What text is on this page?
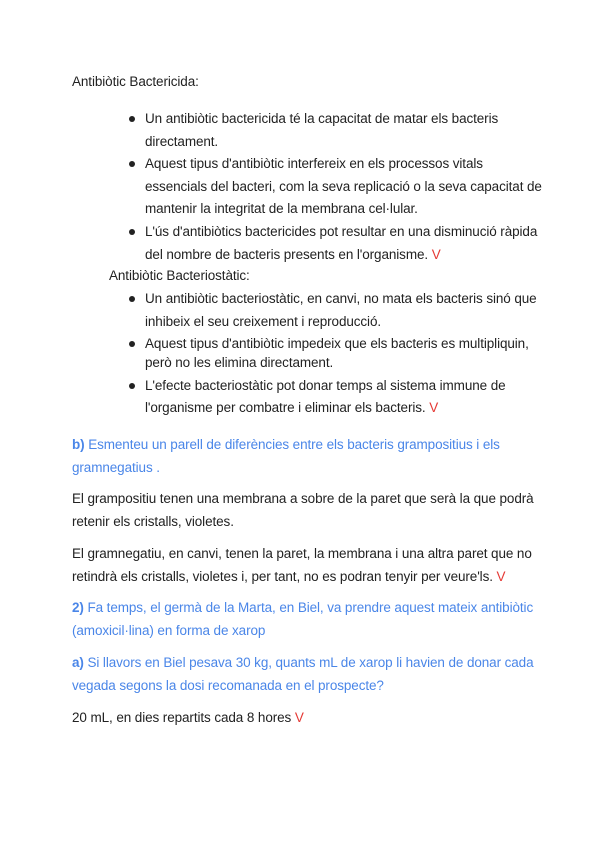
Antibiòtic Bactericida:
Un antibiòtic bactericida té la capacitat de matar els bacteris
directament.
Aquest tipus d'antibiòtic interfereix en els processos vitals
essencials del bacteri, com la seva replicació o la seva capacitat de
mantenir la integritat de la membrana cel·lular.
L'ús d'antibiòtics bactericides pot resultar en una disminució ràpida
del nombre de bacteris presents en l'organisme. V
Antibiòtic Bacteriostàtic:
Un antibiòtic bacteriostàtic, en canvi, no mata els bacteris sinó que
inhibeix el seu creixement i reproducció.
Aquest tipus d'antibiòtic impedeix que els bacteris es multipliquin,
però no les elimina directament.
L'efecte bacteriostàtic pot donar temps al sistema immune de
l'organisme per combatre i eliminar els bacteris. V
b) Esmenteu un parell de diferències entre els bacteris grampositius i els
gramnegatius .
El grampositiu tenen una membrana a sobre de la paret que serà la que podrà
retenir els cristalls, violetes.
El gramnegatiu, en canvi, tenen la paret, la membrana i una altra paret que no
retindrà els cristalls, violetes i, per tant, no es podran tenyir per veure'ls. V
2) Fa temps, el germà de la Marta, en Biel, va prendre aquest mateix antibiòtic
(amoxicil·lina) en forma de xarop
a) Si llavors en Biel pesava 30 kg, quants mL de xarop li havien de donar cada
vegada segons la dosi recomanada en el prospecte?
20 mL, en dies repartits cada 8 hores V
